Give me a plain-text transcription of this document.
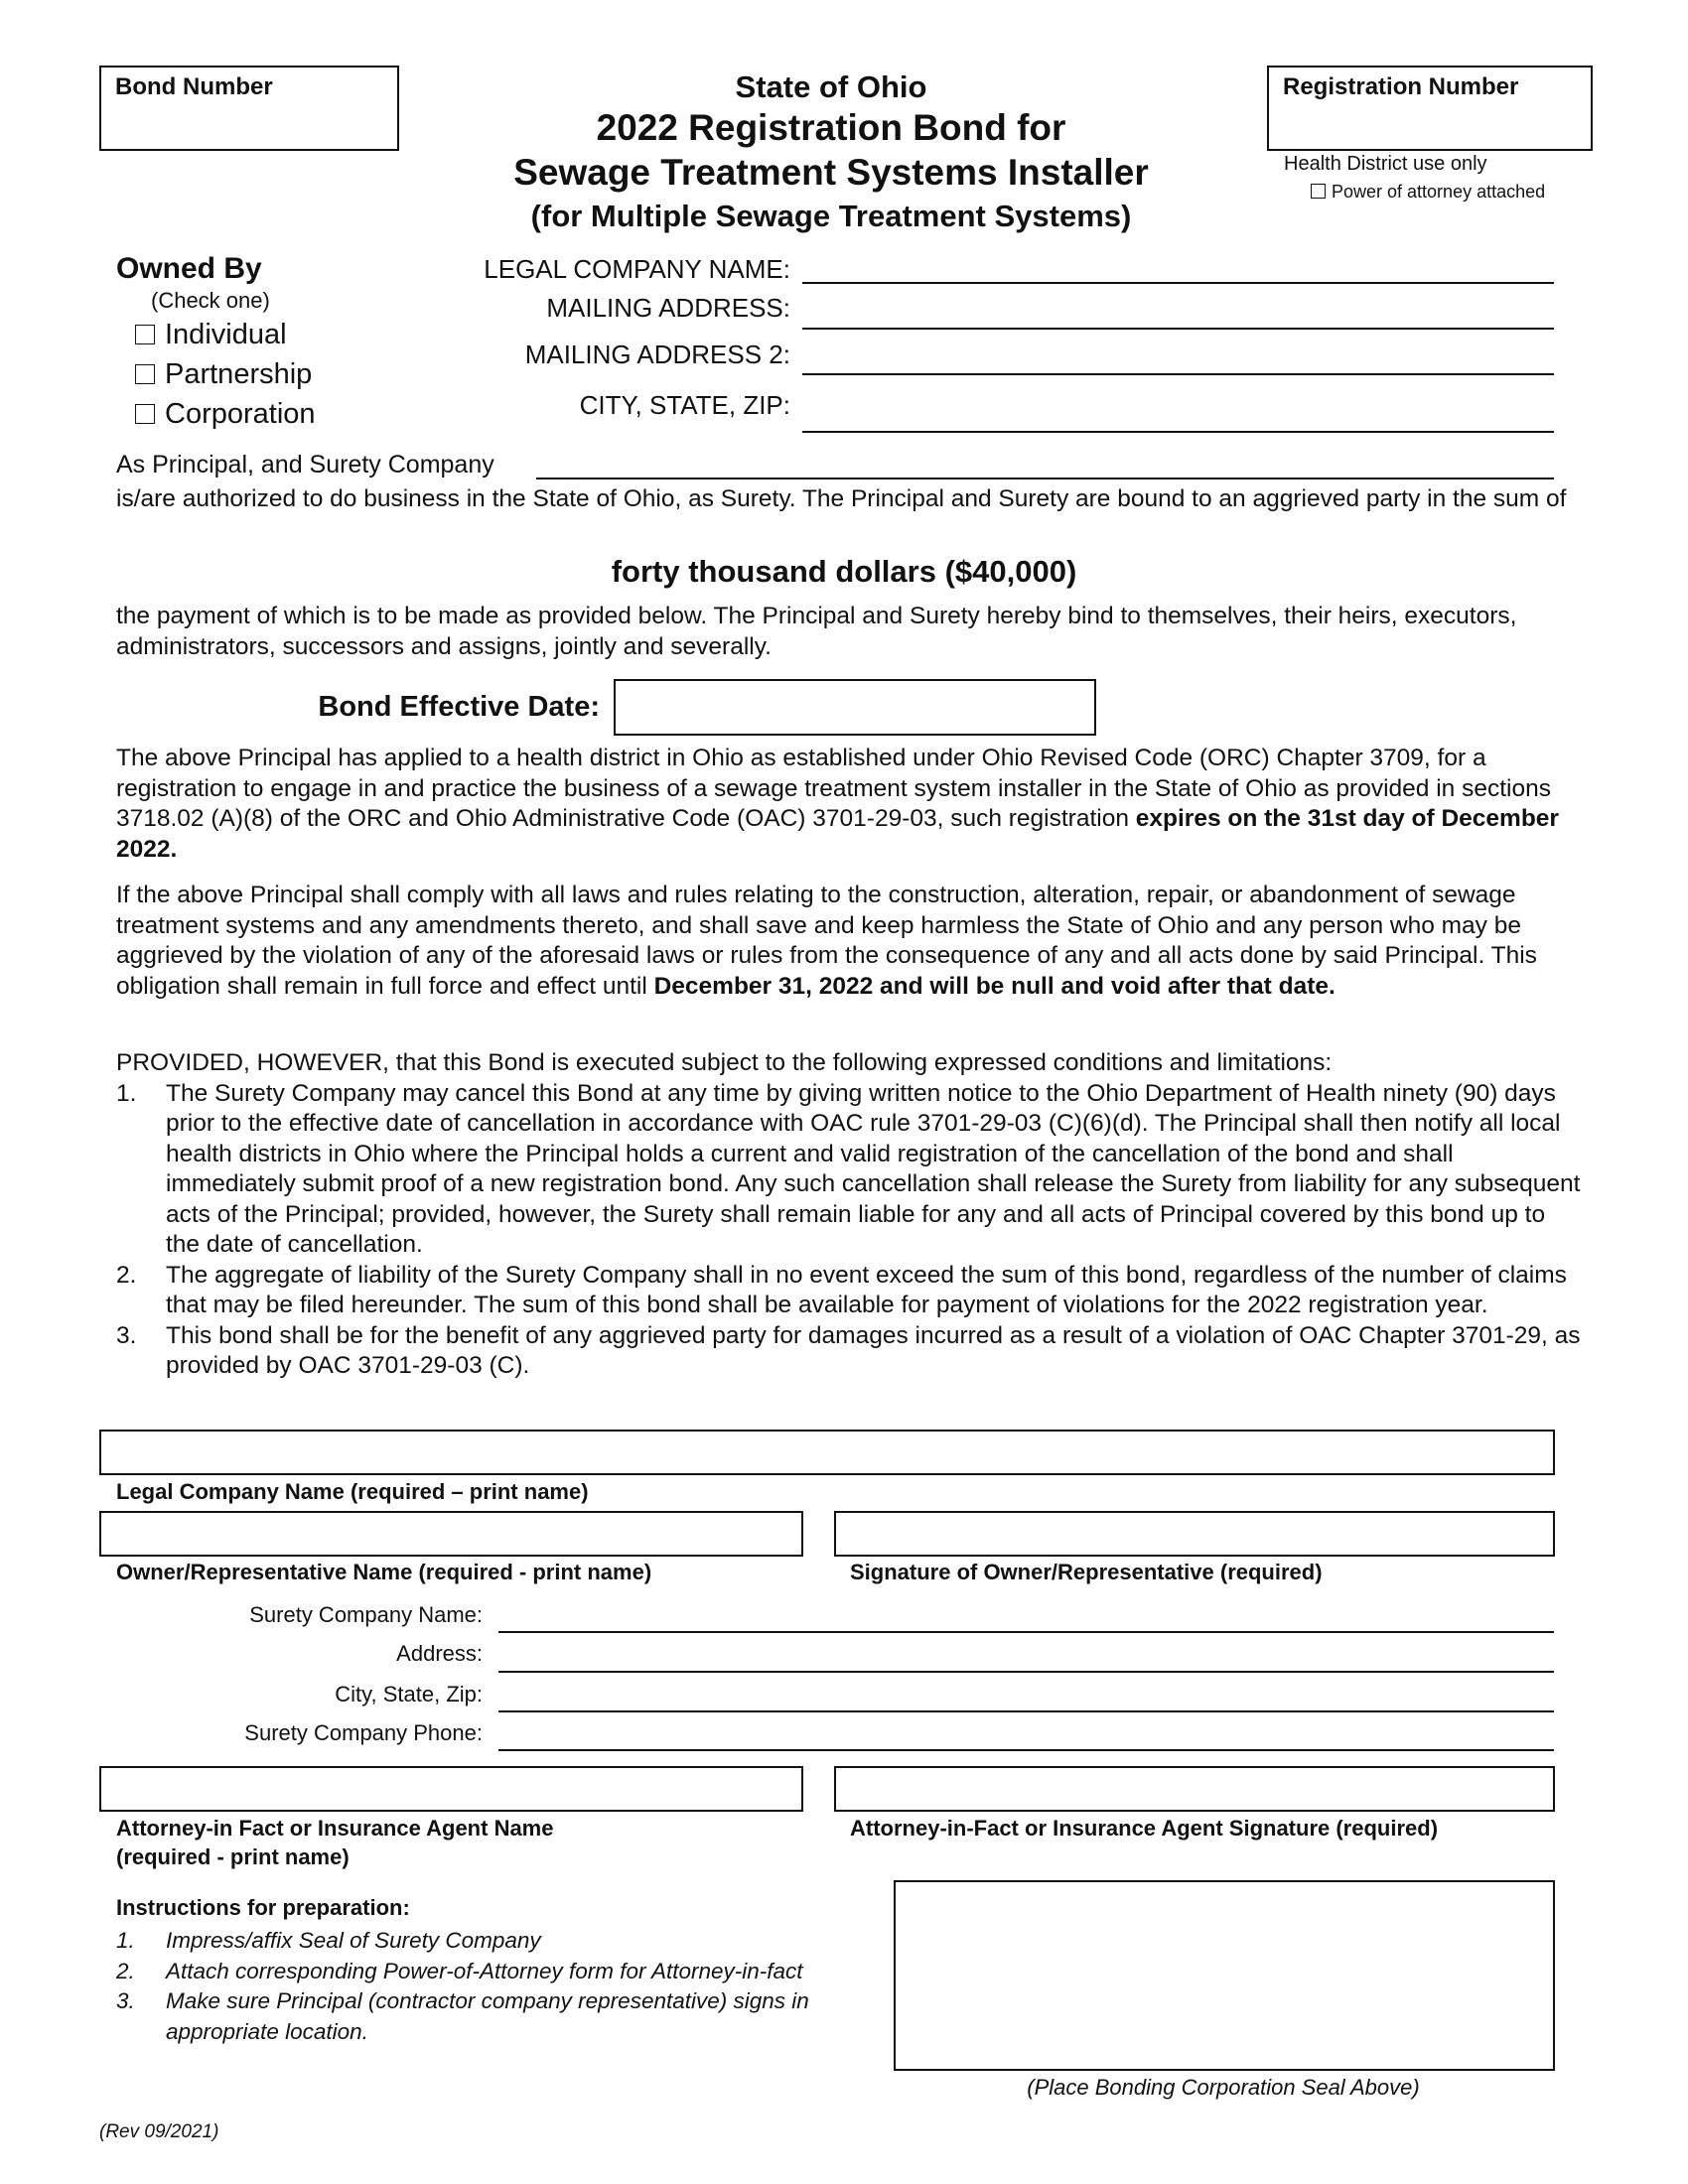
Bond Number	Registration Number
Health District use only
Power of attorney attached
State of Ohio
2022 Registration Bond for
Sewage Treatment Systems Installer
(for Multiple Sewage Treatment Systems)
Owned By
(Check one)
Individual
Partnership
Corporation
LEGAL COMPANY NAME:
MAILING ADDRESS:
MAILING ADDRESS 2:
CITY, STATE, ZIP:
As Principal, and Surety Company
is/are authorized to do business in the State of Ohio, as Surety. The Principal and Surety are bound to an aggrieved party in the sum of
forty thousand dollars ($40,000)
the payment of which is to be made as provided below. The Principal and Surety hereby bind to themselves, their heirs, executors, administrators, successors and assigns, jointly and severally.
Bond Effective Date:
The above Principal has applied to a health district in Ohio as established under Ohio Revised Code (ORC) Chapter 3709, for a registration to engage in and practice the business of a sewage treatment system installer in the State of Ohio as provided in sections 3718.02 (A)(8) of the ORC and Ohio Administrative Code (OAC) 3701-29-03, such registration expires on the 31st day of December 2022.
If the above Principal shall comply with all laws and rules relating to the construction, alteration, repair, or abandonment of sewage treatment systems and any amendments thereto, and shall save and keep harmless the State of Ohio and any person who may be aggrieved by the violation of any of the aforesaid laws or rules from the consequence of any and all acts done by said Principal. This obligation shall remain in full force and effect until December 31, 2022 and will be null and void after that date.
PROVIDED, HOWEVER, that this Bond is executed subject to the following expressed conditions and limitations:
1. The Surety Company may cancel this Bond at any time by giving written notice to the Ohio Department of Health ninety (90) days prior to the effective date of cancellation in accordance with OAC rule 3701-29-03 (C)(6)(d). The Principal shall then notify all local health districts in Ohio where the Principal holds a current and valid registration of the cancellation of the bond and shall immediately submit proof of a new registration bond. Any such cancellation shall release the Surety from liability for any subsequent acts of the Principal; provided, however, the Surety shall remain liable for any and all acts of Principal covered by this bond up to the date of cancellation.
2. The aggregate of liability of the Surety Company shall in no event exceed the sum of this bond, regardless of the number of claims that may be filed hereunder. The sum of this bond shall be available for payment of violations for the 2022 registration year.
3. This bond shall be for the benefit of any aggrieved party for damages incurred as a result of a violation of OAC Chapter 3701-29, as provided by OAC 3701-29-03 (C).
Legal Company Name (required – print name)
Owner/Representative Name (required - print name)	Signature of Owner/Representative (required)
Surety Company Name:
Address:
City, State, Zip:
Surety Company Phone:
Attorney-in Fact or Insurance Agent Name
(required - print name)
Attorney-in-Fact or Insurance Agent Signature (required)
Instructions for preparation:
1. Impress/affix Seal of Surety Company
2. Attach corresponding Power-of-Attorney form for Attorney-in-fact
3. Make sure Principal (contractor company representative) signs in appropriate location.
(Place Bonding Corporation Seal Above)
(Rev 09/2021)
